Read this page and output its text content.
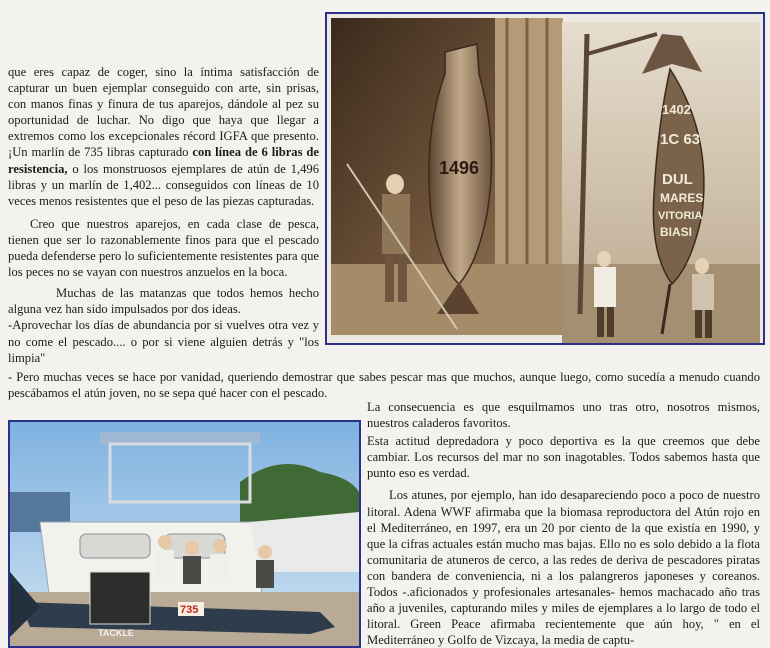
que eres capaz de coger, sino la íntima satisfacción de capturar un buen ejemplar conseguido con arte, sin prisas, con manos finas y finura de tus aparejos, dándole al pez su oportunidad de luchar. No digo que haya que llegar a extremos como los excepcionales récord IGFA que presento. ¡Un marlín de 735 libras capturado con línea de 6 libras de resistencia, o los monstruosos ejemplares de atún de 1,496 libras y un marlín de 1,402... conseguidos con líneas de 10 veces menos resistentes que el peso de las piezas capturadas.

Creo que nuestros aparejos, en cada clase de pesca, tienen que ser lo razonablemente finos para que el pescado pueda defenderse pero lo suficientemente resistentes para que los peces no se vayan con nuestros anzuelos en la boca.

Muchas de las matanzas que todos hemos hecho alguna vez han sido impulsados por dos ideas.

-Aprovechar los días de abundancia por si vuelves otra vez y no come el pescado.... o por si viene alguien detrás y "los limpia"

- Pero muchas veces se hace por vanidad, queriendo demostrar que sabes pescar mas que muchos, aunque luego, como sucedía a menudo cuando pescábamos el atún joven, no se sepa qué hacer con el pescado.

La consecuencia es que esquilmamos uno tras otro, nosotros mismos, nuestros caladeros favoritos.

Esta actitud depredadora y poco deportiva es la que creemos que debe cambiar. Los recursos del mar no son inagotables. Todos sabemos hasta que punto eso es verdad.

Los atunes, por ejemplo, han ido desapareciendo poco a poco de nuestro litoral. Adena WWF afirmaba que la biomasa reproductora del Atún rojo en el Mediterráneo, en 1997, era un 20 por ciento de la que existía en 1990, y que la cifras actuales están mucho mas bajas. Ello no es solo debido a la flota comunitaria de atuneros de cerco, a las redes de deriva de pescadores piratas con bandera de conveniencia, ni a los palangreros japoneses y coreanos. Todos -.aficionados y profesionales artesanales- hemos machacado año tras año a juveniles, capturando miles y miles de ejemplares a lo largo de todo el litoral. Green Peace afirmaba recientemente que aún hoy, " en el Mediterráneo y Golfo de Vizcaya, la media de captu-

1496
1402
1C 63
DUL
MARES
VITORIA
BIASI
TACKLE
735
